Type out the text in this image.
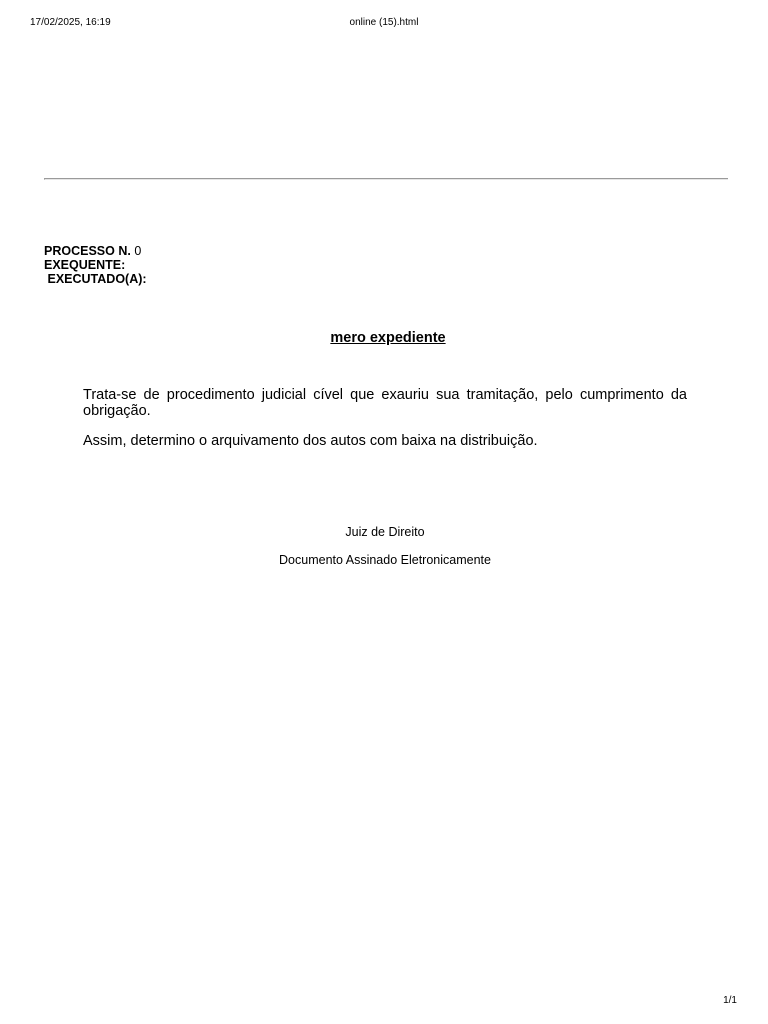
17/02/2025, 16:19	online (15).html
PROCESSO N. 0
EXEQUENTE:
EXECUTADO(A):
mero expediente

Trata-se de procedimento judicial cível que exauriu sua tramitação, pelo cumprimento da obrigação.

Assim, determino o arquivamento dos autos com baixa na distribuição.

Juiz de Direito
Documento Assinado Eletronicamente
1/1
